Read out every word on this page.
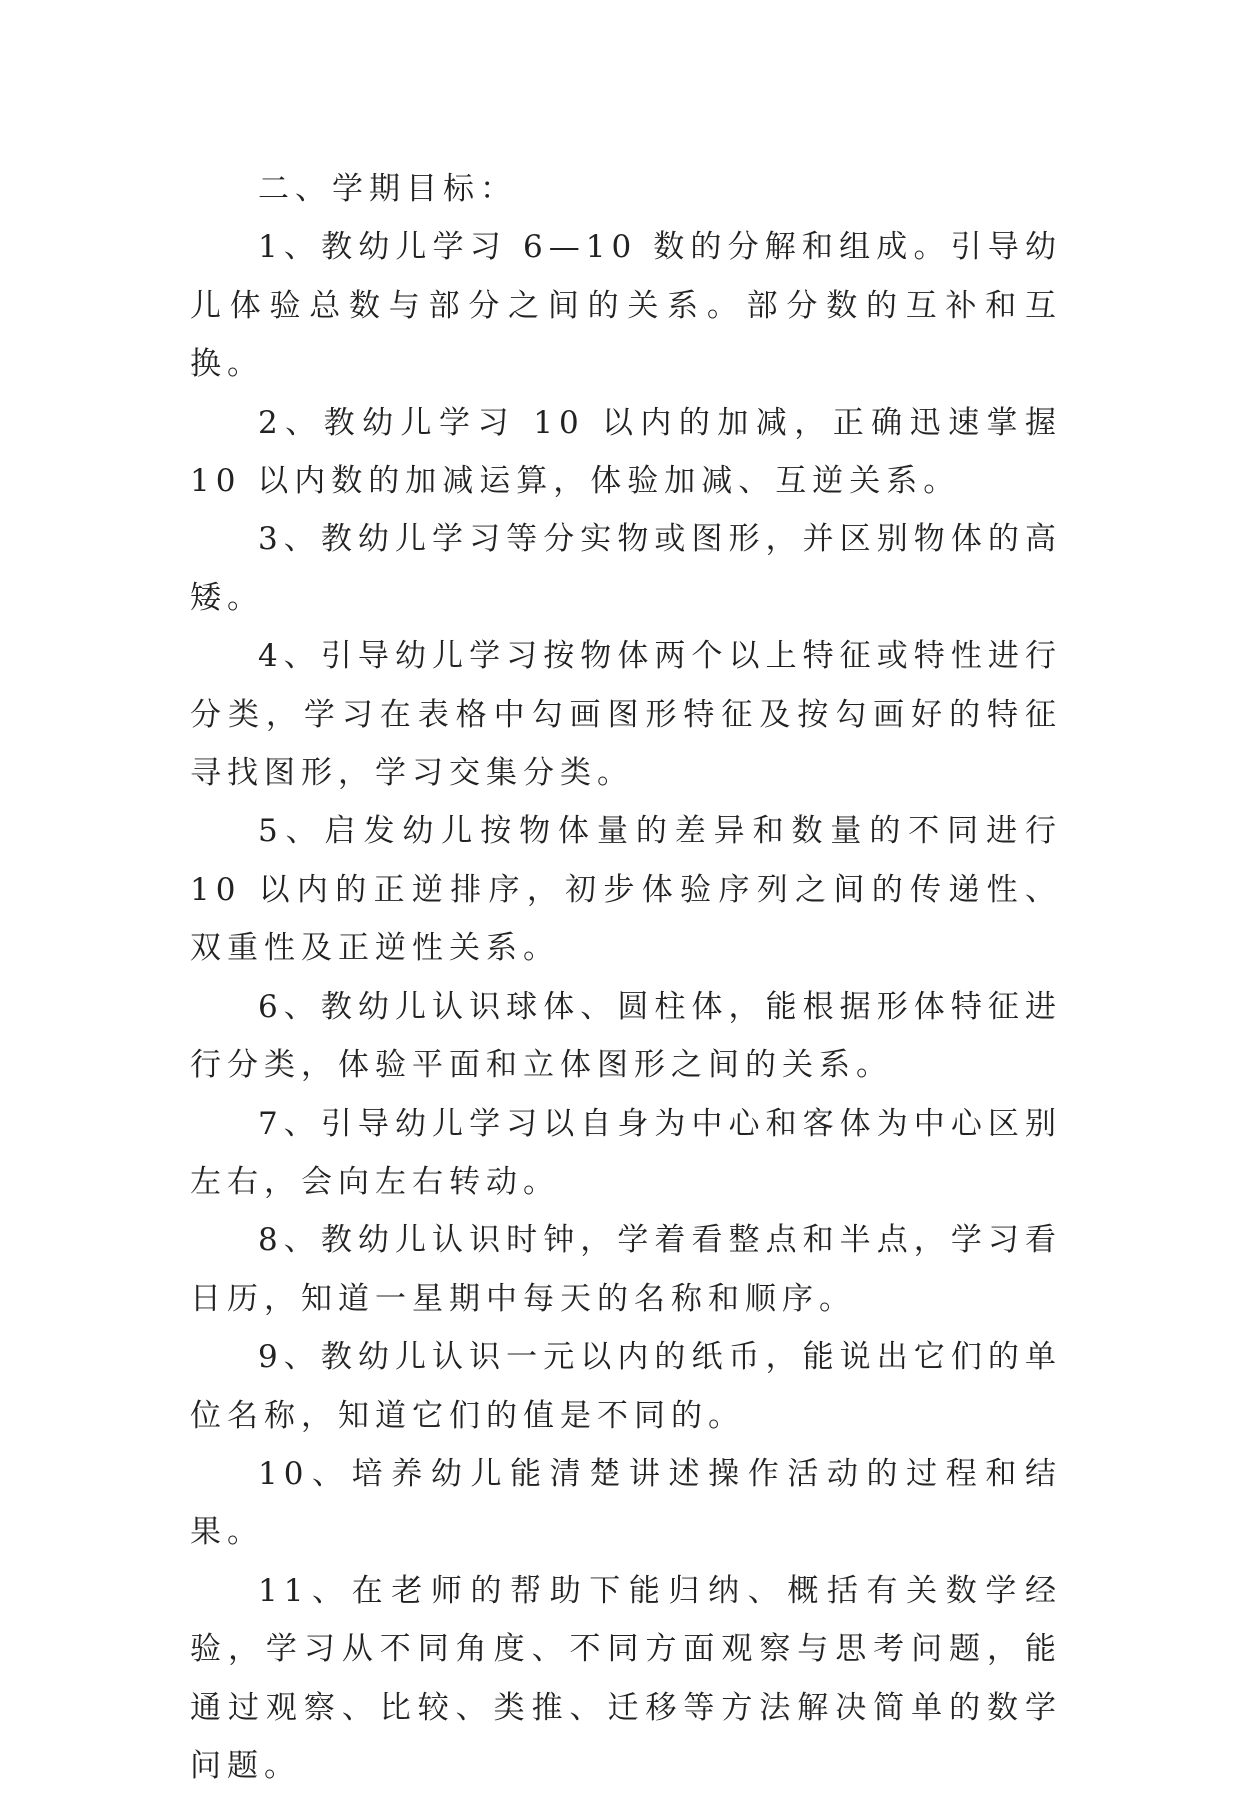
二、学期目标：

1、教幼儿学习 6—10 数的分解和组成。引导幼儿体验总数与部分之间的关系。部分数的互补和互换。

2、教幼儿学习 10 以内的加减，正确迅速掌握 10 以内数的加减运算，体验加减、互逆关系。

3、教幼儿学习等分实物或图形，并区别物体的高矮。

4、引导幼儿学习按物体两个以上特征或特性进行分类，学习在表格中勾画图形特征及按勾画好的特征寻找图形，学习交集分类。

5、启发幼儿按物体量的差异和数量的不同进行 10 以内的正逆排序，初步体验序列之间的传递性、双重性及正逆性关系。

6、教幼儿认识球体、圆柱体，能根据形体特征进行分类，体验平面和立体图形之间的关系。

7、引导幼儿学习以自身为中心和客体为中心区别左右，会向左右转动。

8、教幼儿认识时钟，学着看整点和半点，学习看日历，知道一星期中每天的名称和顺序。

9、教幼儿认识一元以内的纸币，能说出它们的单位名称，知道它们的值是不同的。

10、培养幼儿能清楚讲述操作活动的过程和结果。

11、在老师的帮助下能归纳、概括有关数学经验，学习从不同角度、不同方面观察与思考问题，能通过观察、比较、类推、迁移等方法解决简单的数学问题。
